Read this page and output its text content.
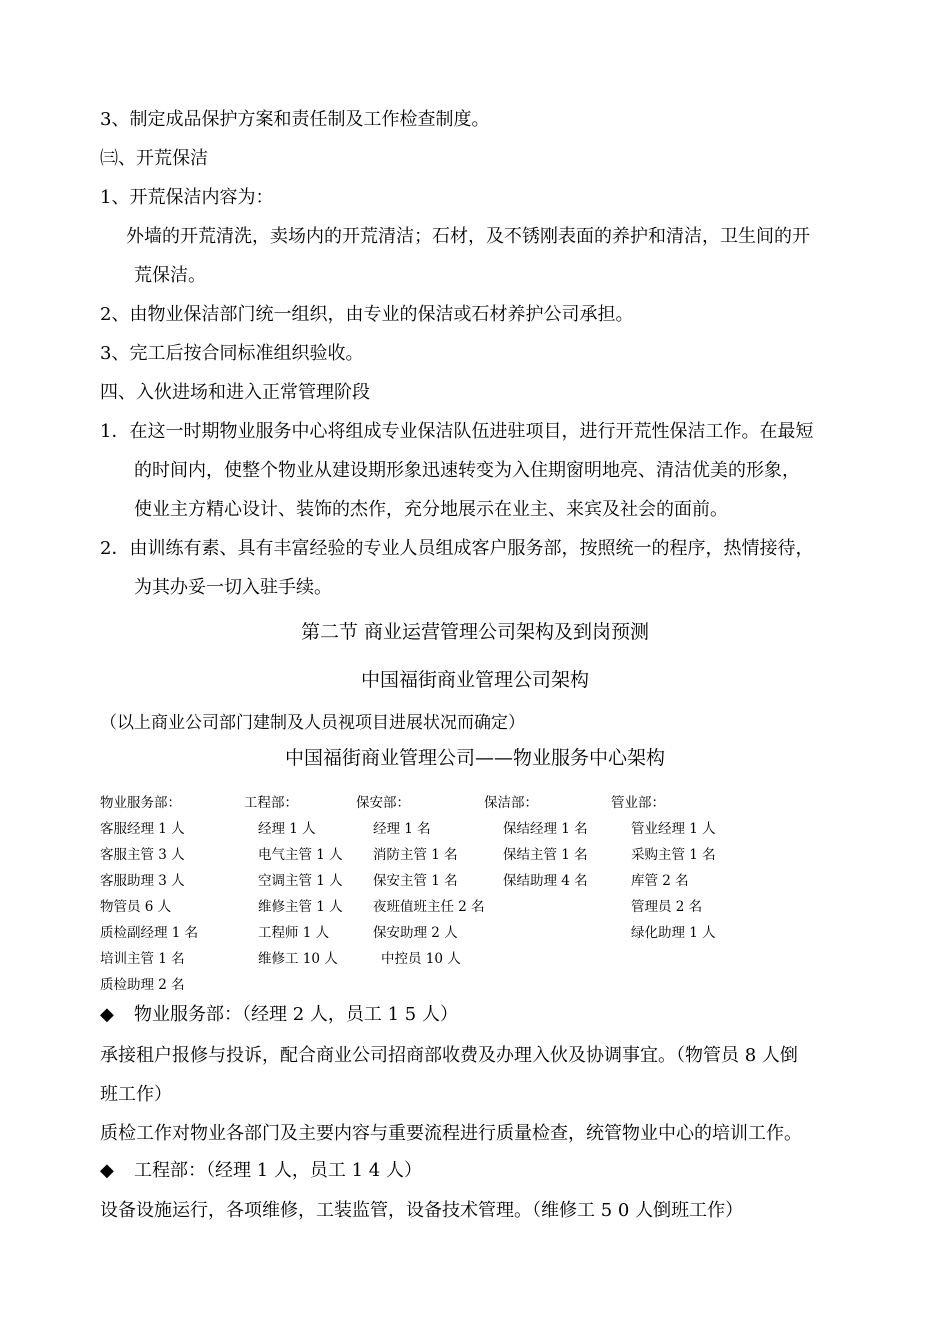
3、制定成品保护方案和责任制及工作检查制度。
㈢、开荒保洁
1、开荒保洁内容为：
外墙的开荒清洗，卖场内的开荒清洁；石材，及不锈刚表面的养护和清洁，卫生间的开
荒保洁。
2、由物业保洁部门统一组织，由专业的保洁或石材养护公司承担。
3、完工后按合同标准组织验收。
四、入伙进场和进入正常管理阶段
1．在这一时期物业服务中心将组成专业保洁队伍进驻项目，进行开荒性保洁工作。在最短
的时间内，使整个物业从建设期形象迅速转变为入住期窗明地亮、清洁优美的形象，
使业主方精心设计、装饰的杰作，充分地展示在业主、来宾及社会的面前。
2．由训练有素、具有丰富经验的专业人员组成客户服务部，按照统一的程序，热情接待，
为其办妥一切入驻手续。
第二节 商业运营管理公司架构及到岗预测
中国福街商业管理公司架构
（以上商业公司部门建制及人员视项目进展状况而确定）
中国福街商业管理公司——物业服务中心架构
物业服务部：
客服经理 1 人
客服主管 3 人
客服助理 3 人
物管员 6 人
质检副经理 1 名
培训主管 1 名
质检助理 2 名
工程部：
经理 1 人
电气主管 1 人
空调主管 1 人
维修主管 1 人
工程师 1 人
维修工 10 人
保安部：
经理 1 名
消防主管 1 名
保安主管 1 名
夜班值班主任 2 名
保安助理 2 人
中控员 10 人
保洁部：
保结经理 1 名
保结主管 1 名
保结助理 4 名
管业部：
管业经理 1 人
采购主管 1 名
库管 2 名
管理员 2 名
绿化助理 1 人
◆ 物业服务部：（经理 2 人，员工 1 5 人）
承接租户报修与投诉，配合商业公司招商部收费及办理入伙及协调事宜。（物管员 8 人倒
班工作）
质检工作对物业各部门及主要内容与重要流程进行质量检查，统管物业中心的培训工作。
◆ 工程部：（经理 1 人，员工 1 4 人）
设备设施运行，各项维修，工装监管，设备技术管理。（维修工 5 0 人倒班工作）
